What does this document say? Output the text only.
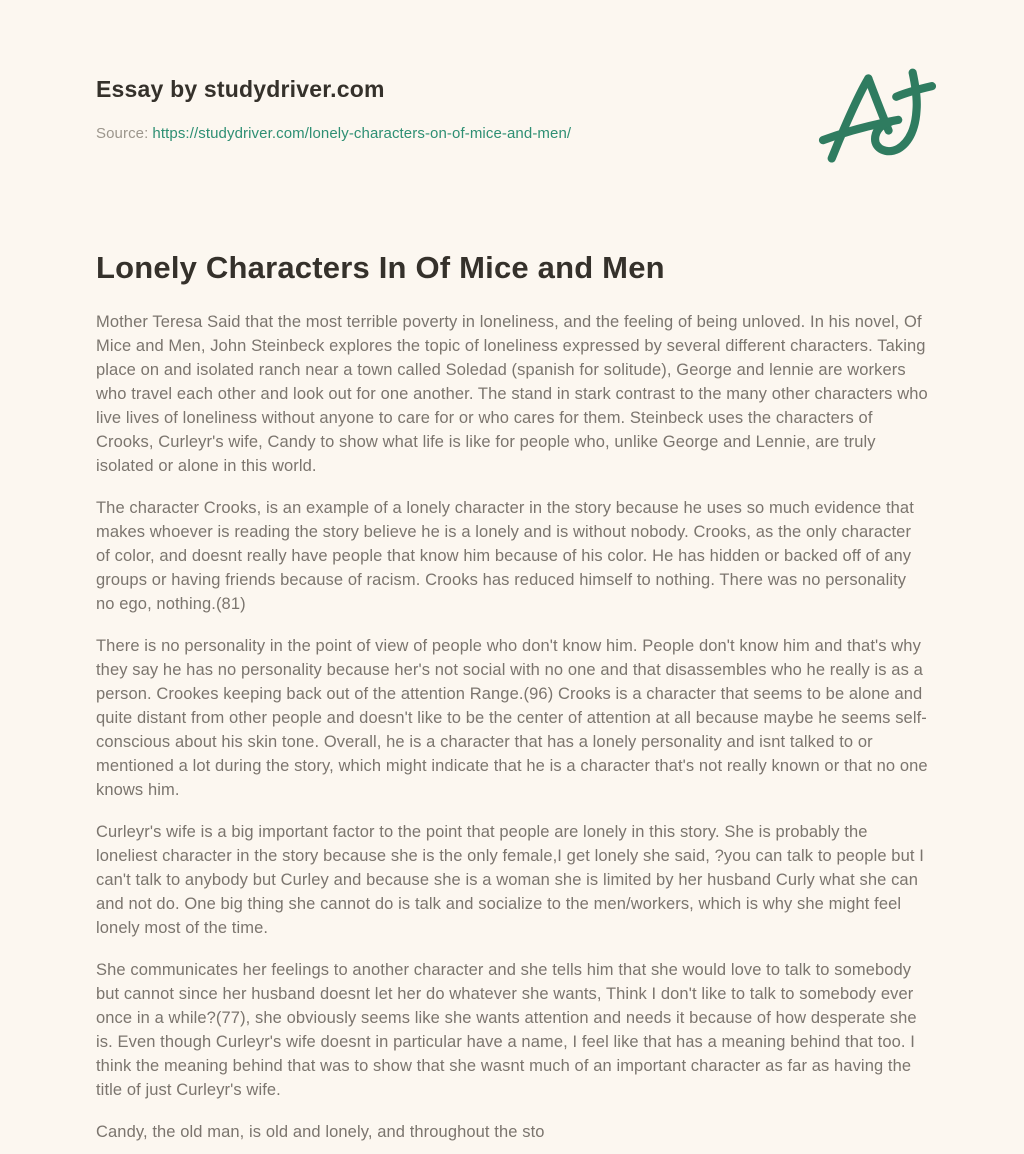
Essay by studydriver.com
Source: https://studydriver.com/lonely-characters-on-of-mice-and-men/
Lonely Characters In Of Mice and Men

Mother Teresa Said that the most terrible poverty in loneliness, and the feeling of being unloved. In his novel, Of Mice and Men, John Steinbeck explores the topic of loneliness expressed by several different characters. Taking place on and isolated ranch near a town called Soledad (spanish for solitude), George and lennie are workers who travel each other and look out for one another. The stand in stark contrast to the many other characters who live lives of loneliness without anyone to care for or who cares for them. Steinbeck uses the characters of Crooks, Curleyr's wife, Candy to show what life is like for people who, unlike George and Lennie, are truly isolated or alone in this world.

The character Crooks, is an example of a lonely character in the story because he uses so much evidence that makes whoever is reading the story believe he is a lonely and is without nobody. Crooks, as the only character of color, and doesnt really have people that know him because of his color. He has hidden or backed off of any groups or having friends because of racism. Crooks has reduced himself to nothing. There was no personality no ego, nothing.(81)

There is no personality in the point of view of people who don't know him. People don't know him and that's why they say he has no personality because her's not social with no one and that disassembles who he really is as a person. Crookes keeping back out of the attention Range.(96) Crooks is a character that seems to be alone and quite distant from other people and doesn't like to be the center of attention at all because maybe he seems self-conscious about his skin tone. Overall, he is a character that has a lonely personality and isnt talked to or mentioned a lot during the story, which might indicate that he is a character that's not really known or that no one knows him.

Curleyr's wife is a big important factor to the point that people are lonely in this story. She is probably the loneliest character in the story because she is the only female,I get lonely she said, ?you can talk to people but I can't talk to anybody but Curley and because she is a woman she is limited by her husband Curly what she can and not do. One big thing she cannot do is talk and socialize to the men/workers, which is why she might feel lonely most of the time.

She communicates her feelings to another character and she tells him that she would love to talk to somebody but cannot since her husband doesnt let her do whatever she wants, Think I don't like to talk to somebody ever once in a while?(77), she obviously seems like she wants attention and needs it because of how desperate she is. Even though Curleyr's wife doesnt in particular have a name, I feel like that has a meaning behind that too. I think the meaning behind that was to show that she wasnt much of an important character as far as having the title of just Curleyr's wife.

Candy, the old man, is old and lonely, and throughout the sto
